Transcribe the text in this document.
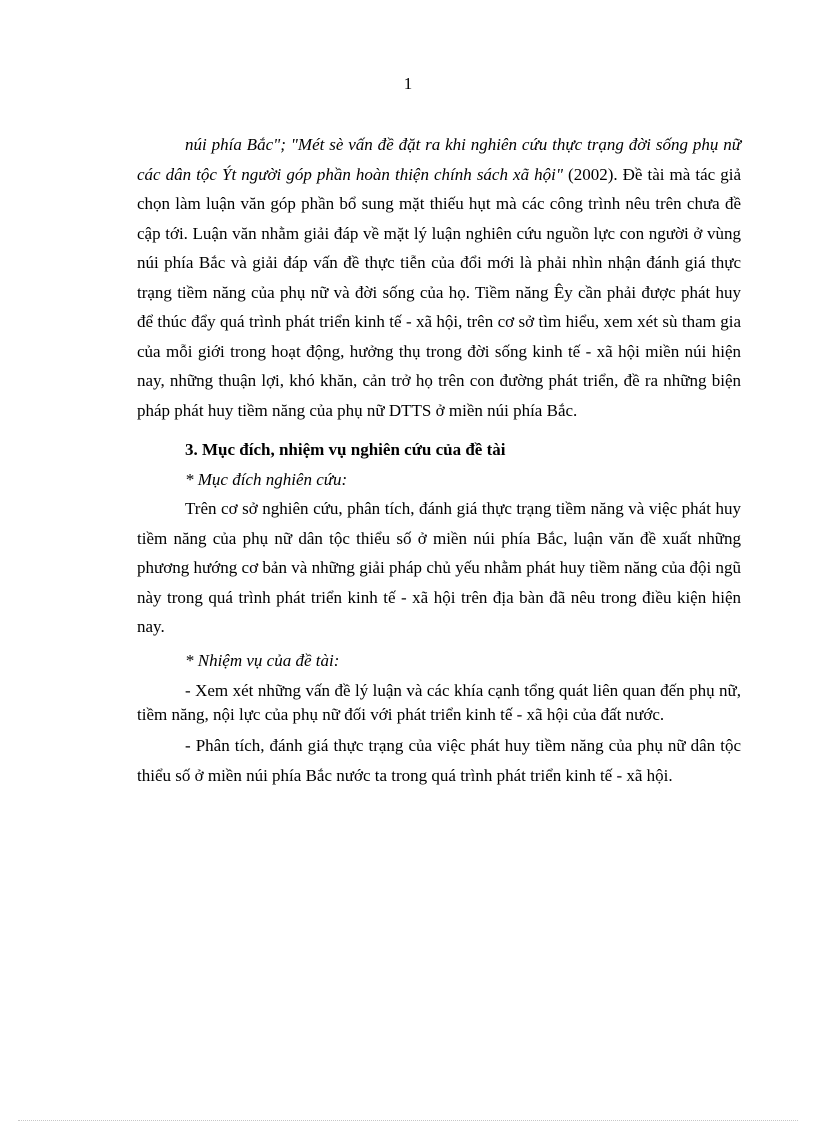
1

núi phía Bắc"; "Mét sè vấn đề đặt ra khi nghiên cứu thực trạng đời sống phụ nữ các dân tộc Ýt người góp phần hoàn thiện chính sách xã hội" (2002). Đề tài mà tác giả chọn làm luận văn góp phần bổ sung mặt thiếu hụt mà các công trình nêu trên chưa đề cập tới. Luận văn nhằm giải đáp về mặt lý luận nghiên cứu nguồn lực con người ở vùng núi phía Bắc và giải đáp vấn đề thực tiễn của đổi mới là phải nhìn nhận đánh giá thực trạng tiềm năng của phụ nữ và đời sống của họ. Tiềm năng Êy cần phải được phát huy để thúc đẩy quá trình phát triển kinh tế - xã hội, trên cơ sở tìm hiểu, xem xét sù tham gia của mỗi giới trong hoạt động, hưởng thụ trong đời sống kinh tế - xã hội miền núi hiện nay, những thuận lợi, khó khăn, cản trở họ trên con đường phát triển, đề ra những biện pháp phát huy tiềm năng của phụ nữ DTTS ở miền núi phía Bắc.

3. Mục đích, nhiệm vụ nghiên cứu của đề tài

* Mục đích nghiên cứu:

Trên cơ sở nghiên cứu, phân tích, đánh giá thực trạng tiềm năng và việc phát huy tiềm năng của phụ nữ dân tộc thiểu số ở miền núi phía Bắc, luận văn đề xuất những phương hướng cơ bản và những giải pháp chủ yếu nhằm phát huy tiềm năng của đội ngũ này trong quá trình phát triển kinh tế - xã hội trên địa bàn đã nêu trong điều kiện hiện nay.

* Nhiệm vụ của đề tài:

- Xem xét những vấn đề lý luận và các khía cạnh tổng quát liên quan đến phụ nữ, tiềm năng, nội lực của phụ nữ đối với phát triển kinh tế - xã hội của đất nước.

- Phân tích, đánh giá thực trạng của việc phát huy tiềm năng của phụ nữ dân tộc thiểu số ở miền núi phía Bắc nước ta trong quá trình phát triển kinh tế - xã hội.
